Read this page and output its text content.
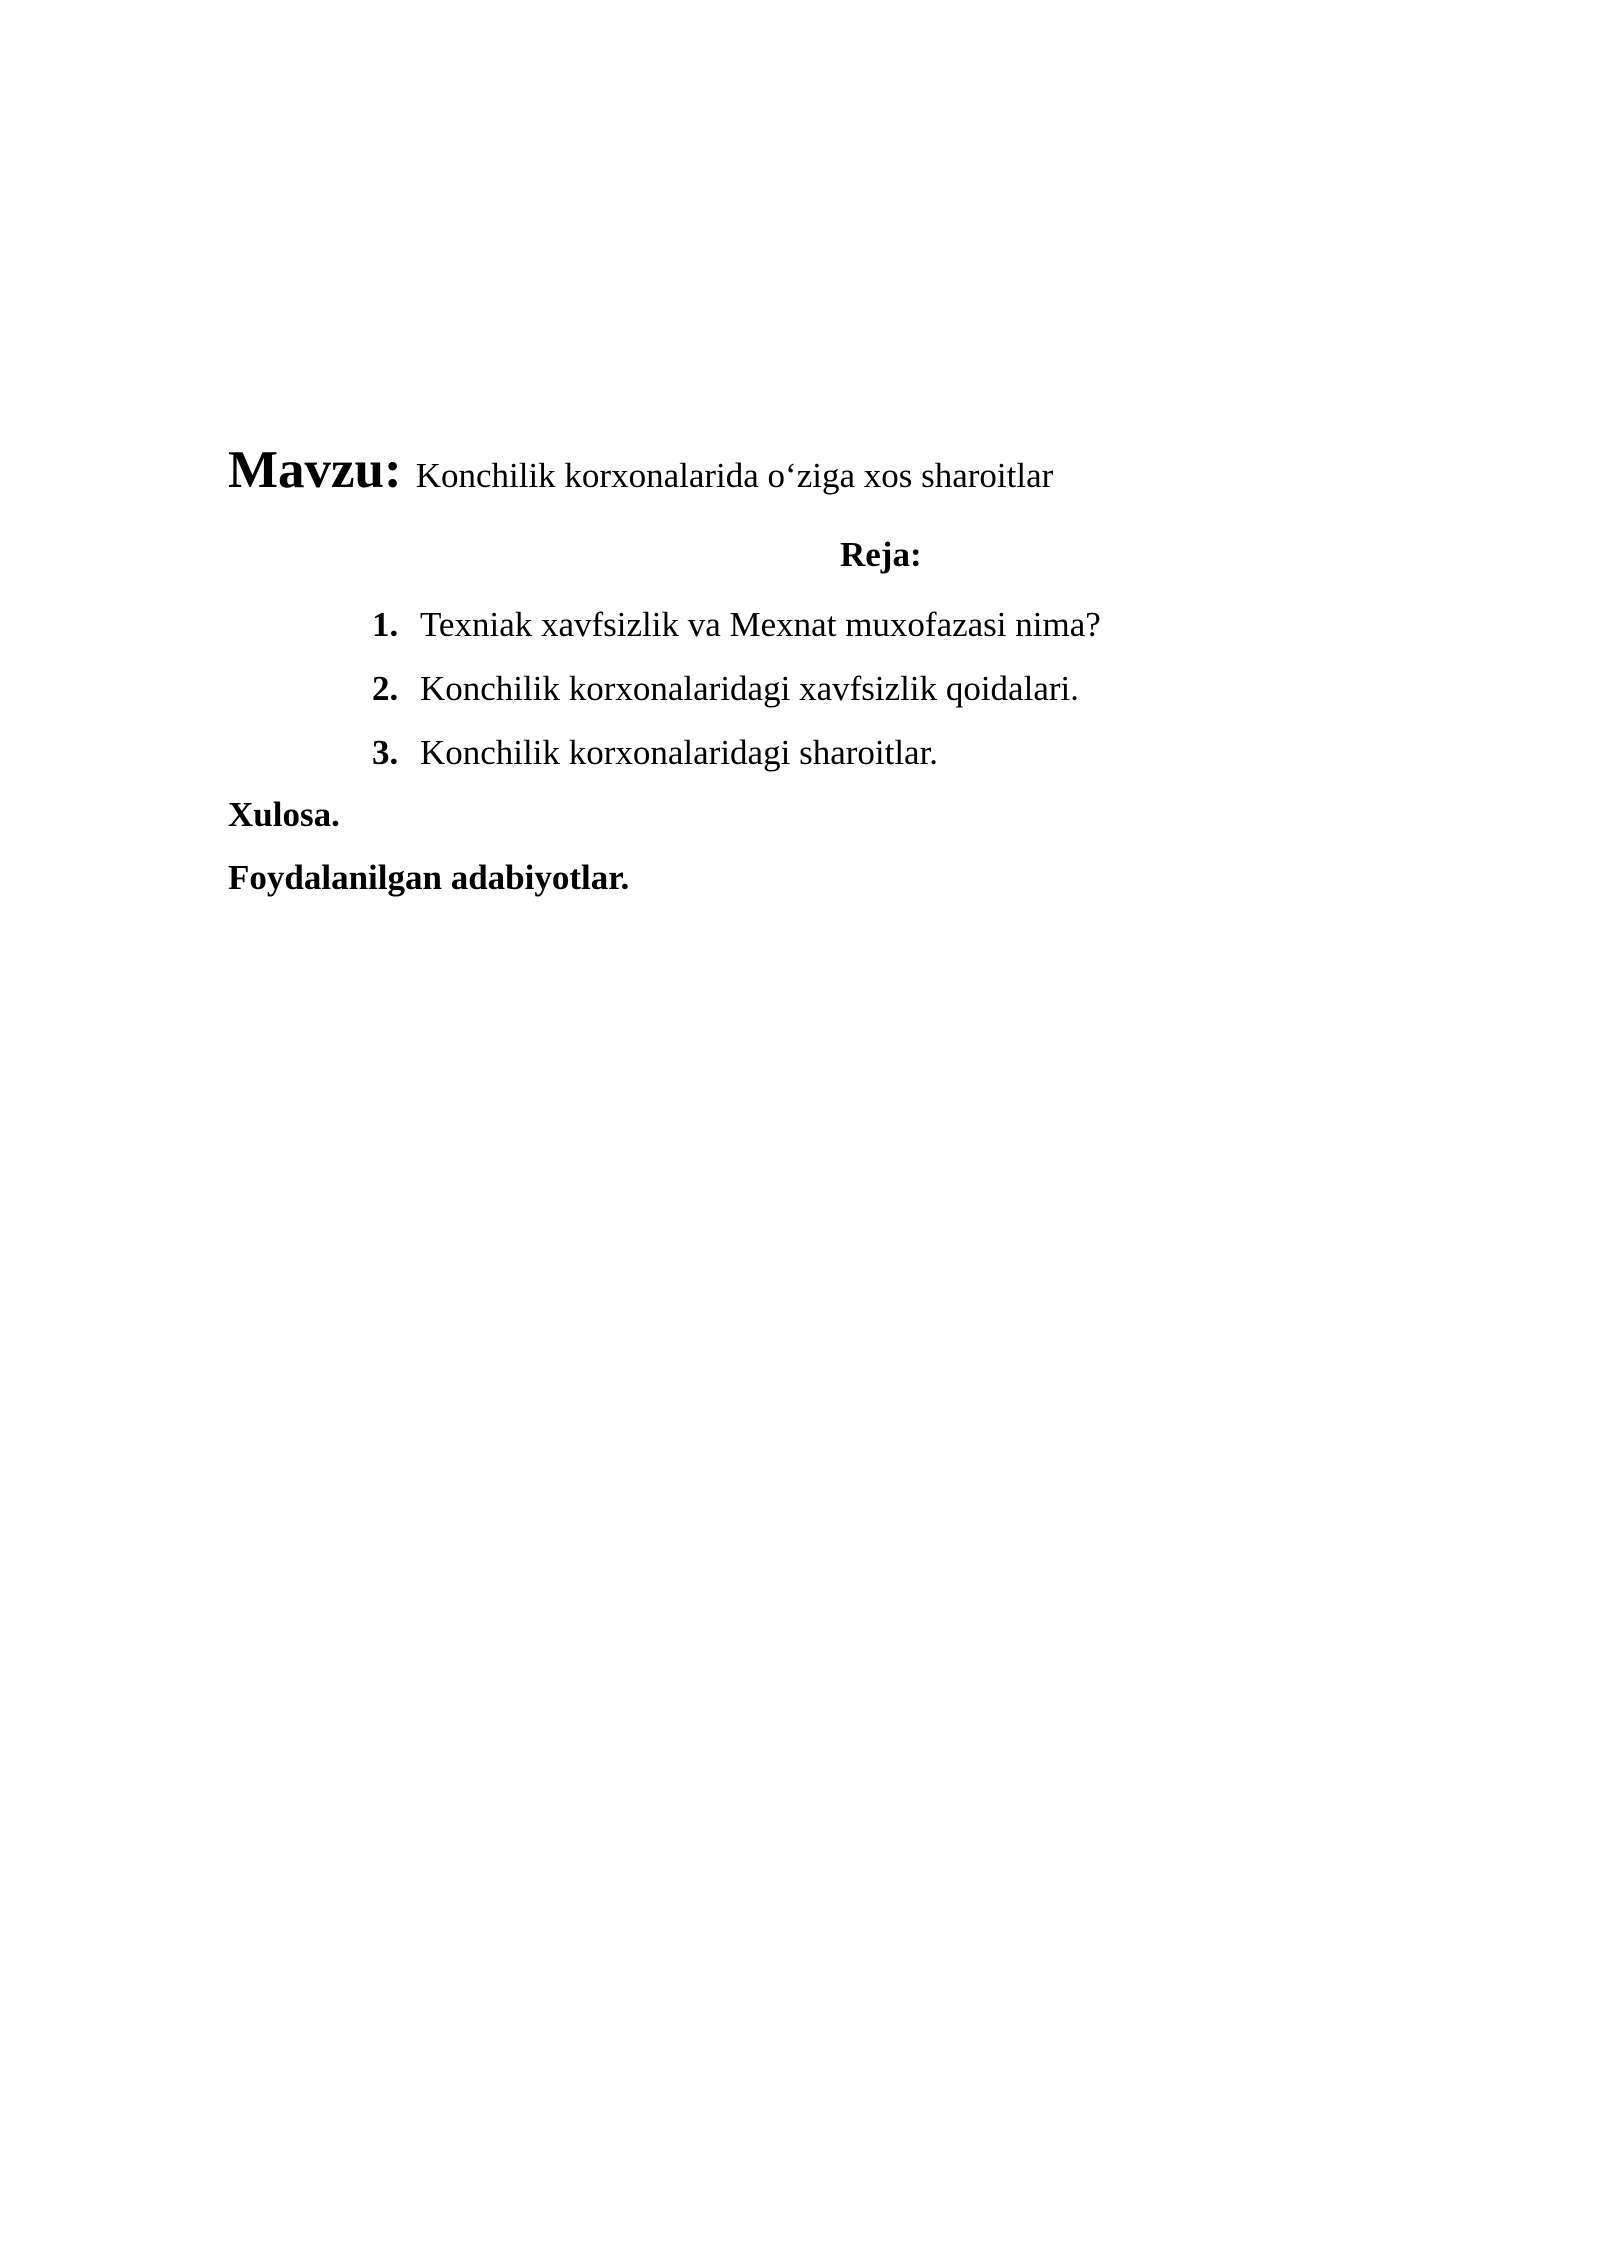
Mavzu: Konchilik korxonalarida o‘ziga xos sharoitlar
Reja:
1. Texniak xavfsizlik va Mexnat muxofazasi nima?
2. Konchilik korxonalaridagi xavfsizlik qoidalari.
3. Konchilik korxonalaridagi sharoitlar.
Xulosa.
Foydalanilgan adabiyotlar.
